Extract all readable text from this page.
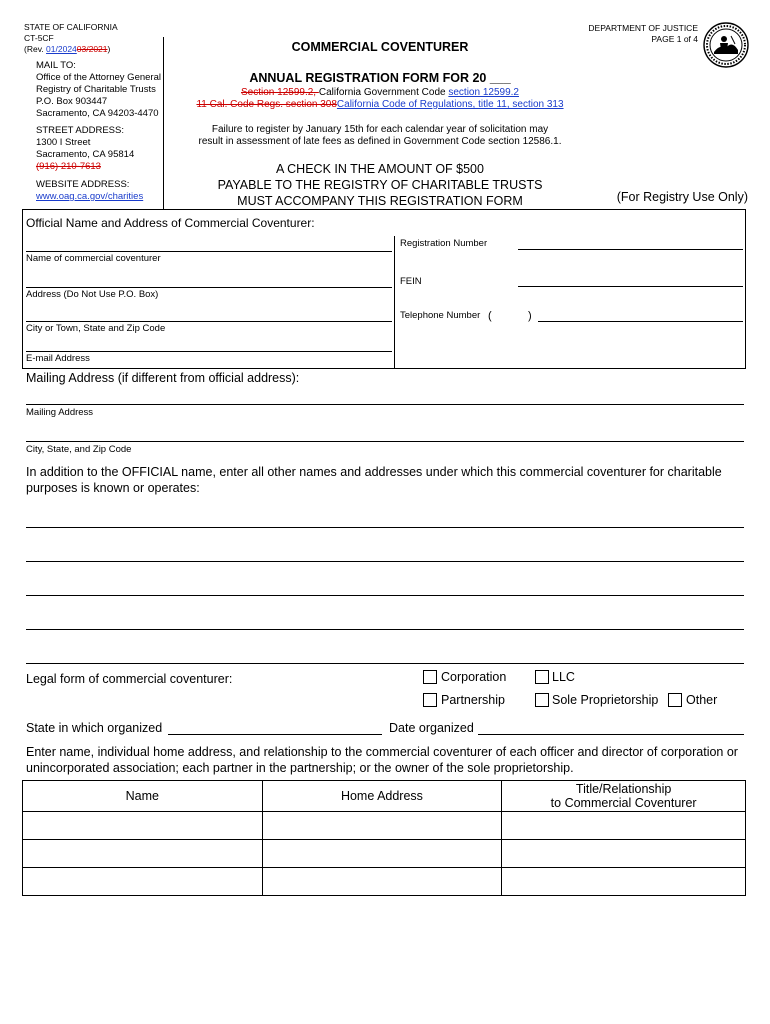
STATE OF CALIFORNIA
CT-5CF
(Rev. 01/202403/2021)
MAIL TO:
Office of the Attorney General
Registry of Charitable Trusts
P.O. Box 903447
Sacramento, CA 94203-4470
STREET ADDRESS:
1300 I Street
Sacramento, CA 95814
(916) 210-7613
WEBSITE ADDRESS:
www.oag.ca.gov/charities
DEPARTMENT OF JUSTICE
PAGE 1 of 4
COMMERCIAL COVENTURER
ANNUAL REGISTRATION FORM FOR 20 ___
Section 12599.2, California Government Code section 12599.2
11 Cal. Code Regs. section 308California Code of Regulations, title 11, section 313
Failure to register by January 15th for each calendar year of solicitation may
result in assessment of late fees as defined in Government Code section 12586.1.
A CHECK IN THE AMOUNT OF $500
PAYABLE TO THE REGISTRY OF CHARITABLE TRUSTS
MUST ACCOMPANY THIS REGISTRATION FORM	(For Registry Use Only)
Official Name and Address of Commercial Coventurer:
Name of commercial coventurer
Address (Do Not Use P.O. Box)
City or Town, State and Zip Code
E-mail Address
Registration Number
FEIN
Telephone Number (	)
Mailing Address (if different from official address):
Mailing Address
City, State, and Zip Code
In addition to the OFFICIAL name, enter all other names and addresses under which this commercial coventurer for charitable purposes is known or operates:
Legal form of commercial coventurer:	Corporation	LLC
Partnership	Sole Proprietorship Other
State in which organized	Date organized
Enter name, individual home address, and relationship to the commercial coventurer of each officer and director of corporation or unincorporated association; each partner in the partnership; or the owner of the sole proprietorship.
Name	Home Address	Title/Relationship
to Commercial Coventurer
